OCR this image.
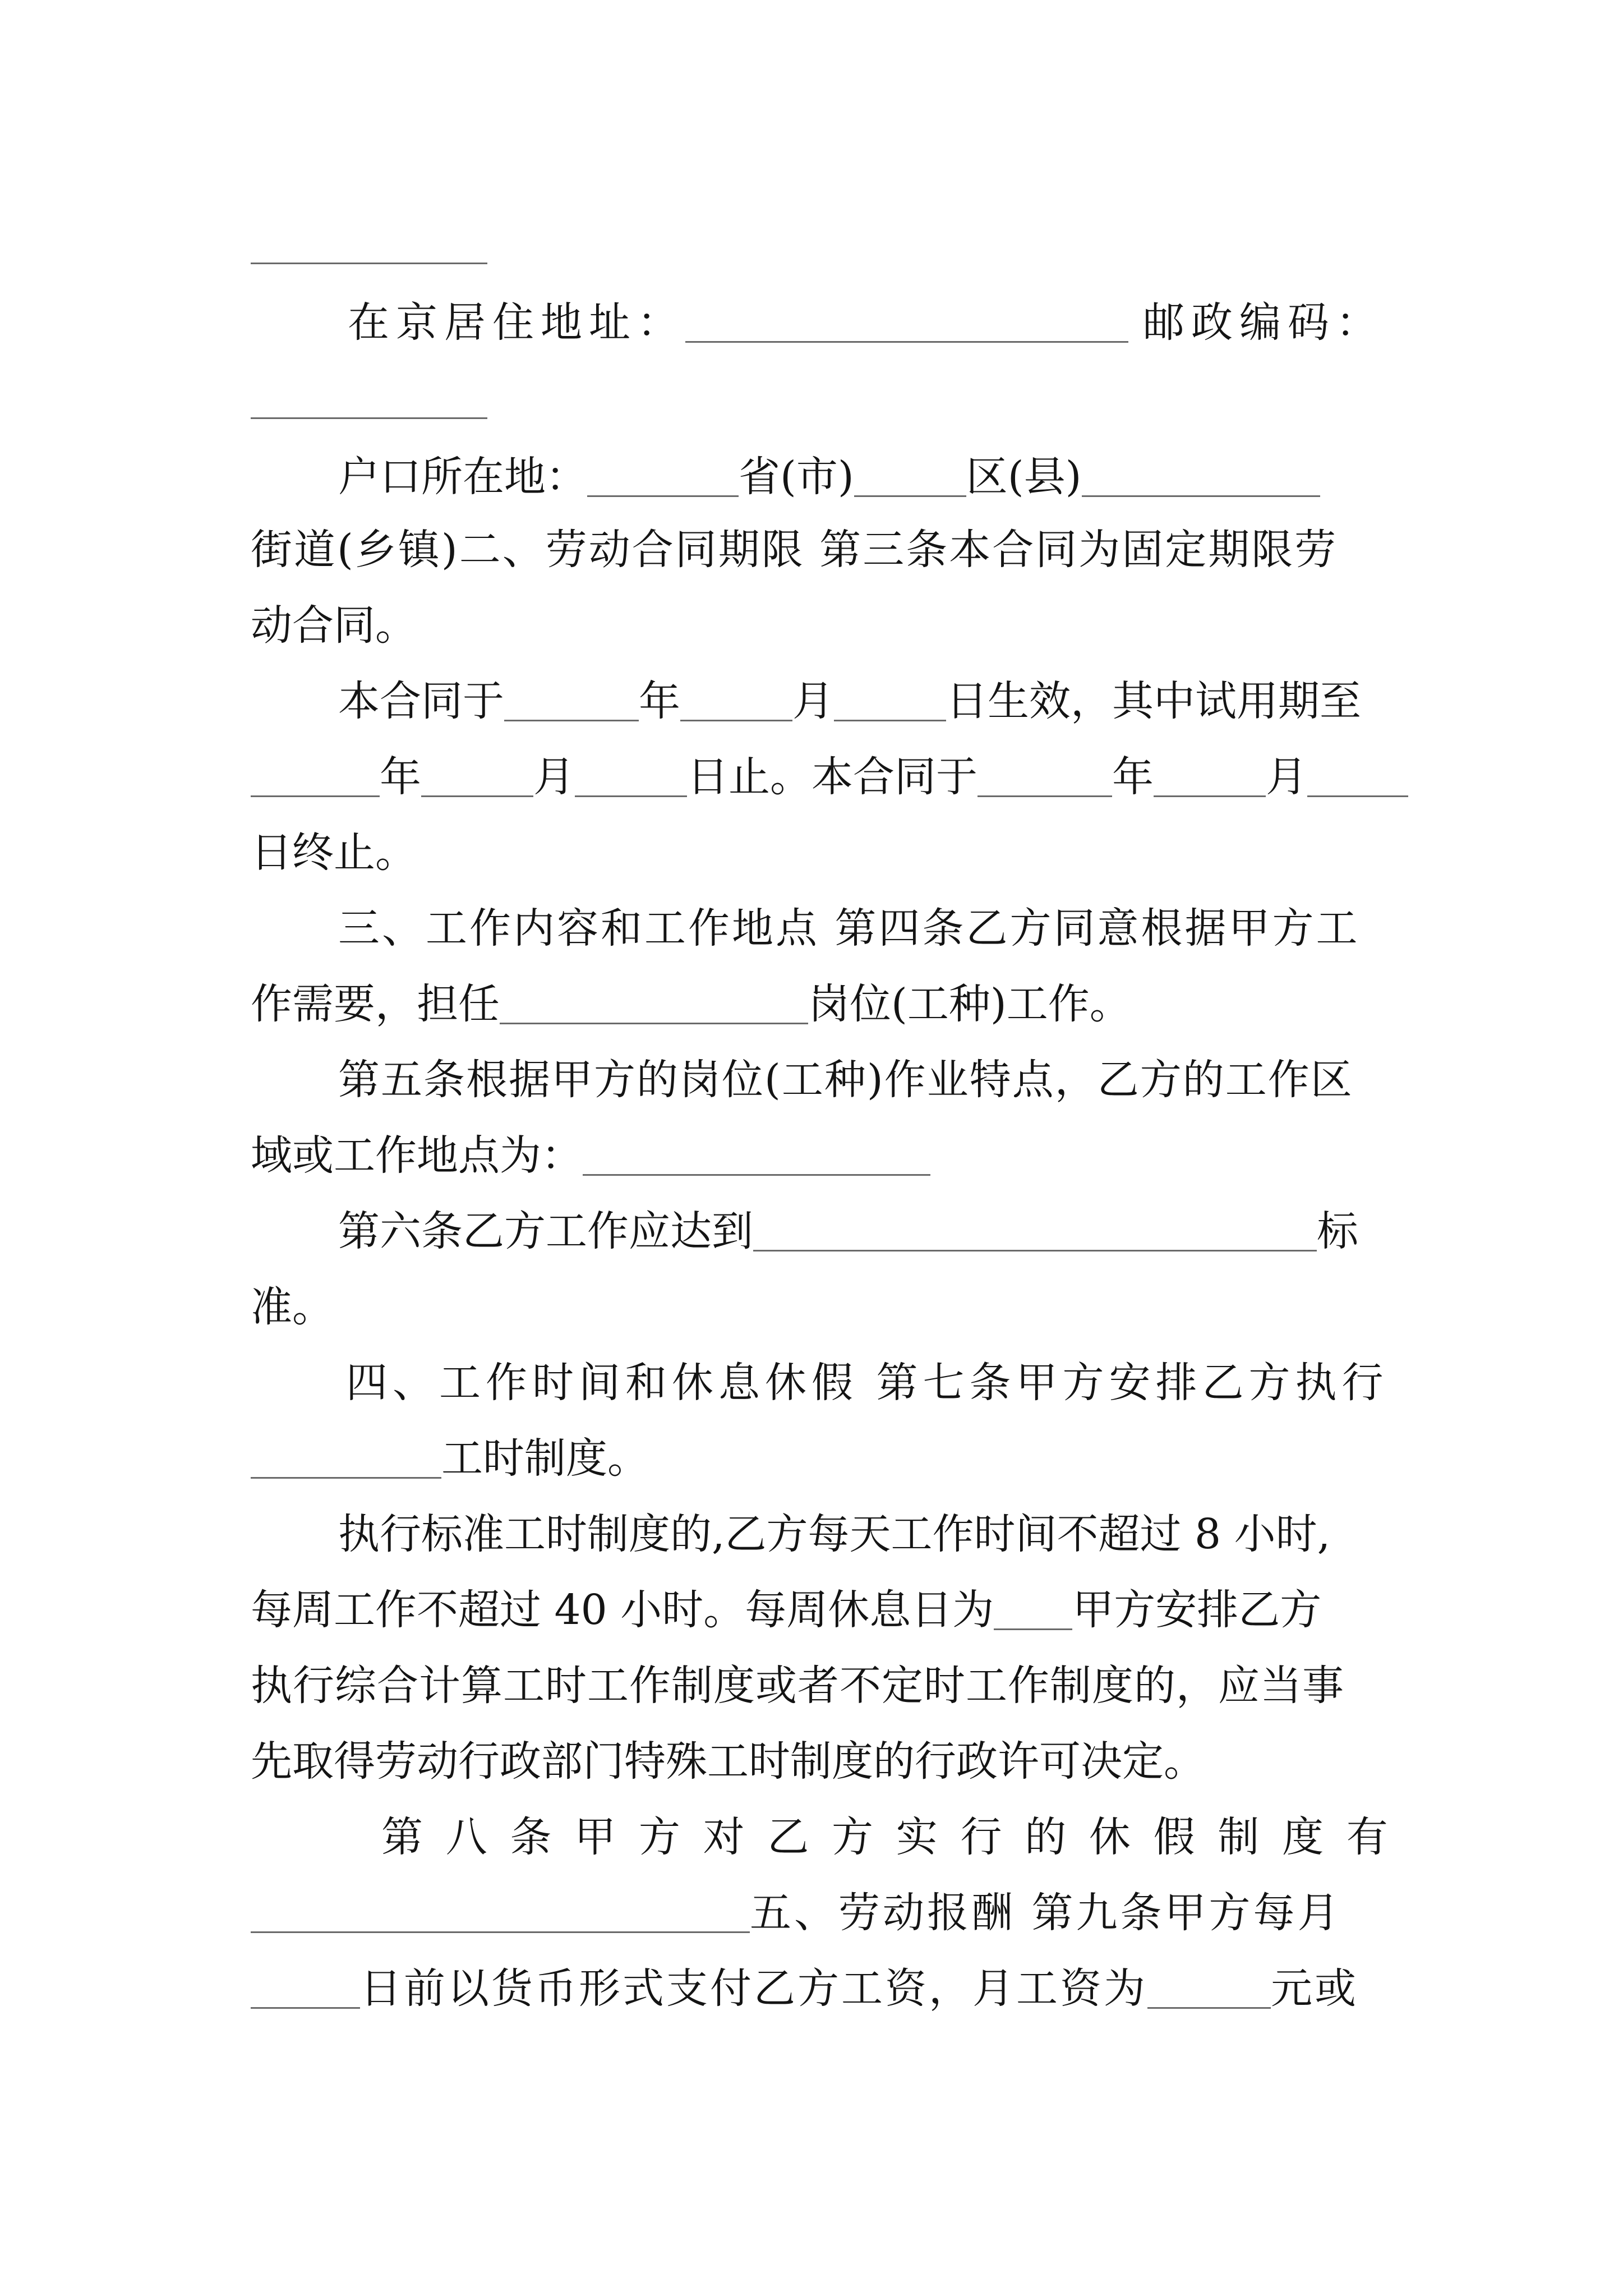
在京居住地址：	邮政编码：
户口所在地：	省(市)	区(县)
街道(乡镇)二、劳动合同期限 第三条本合同为固定期限劳
动合同。
本合同于	年	月	日生效，其中试用期至
年	月	日止。本合同于	年	月
日终止。
三、工作内容和工作地点 第四条乙方同意根据甲方工
作需要，担任	岗位(工种)工作。
第五条根据甲方的岗位(工种)作业特点，乙方的工作区
域或工作地点为：
第六条乙方工作应达到	标
准。
四、工作时间和休息休假 第七条甲方安排乙方执行
工时制度。
执行标准工时制度的,乙方每天工作时间不超过 8 小时,
每周工作不超过 40 小时。每周休息日为 甲方安排乙方
执行综合计算工时工作制度或者不定时工作制度的，应当事
先取得劳动行政部门特殊工时制度的行政许可决定。
第 八 条 甲 方 对 乙 方 实 行 的 休 假 制 度 有
五、劳动报酬 第九条甲方每月
日前以货币形式支付乙方工资，月工资为	元或
